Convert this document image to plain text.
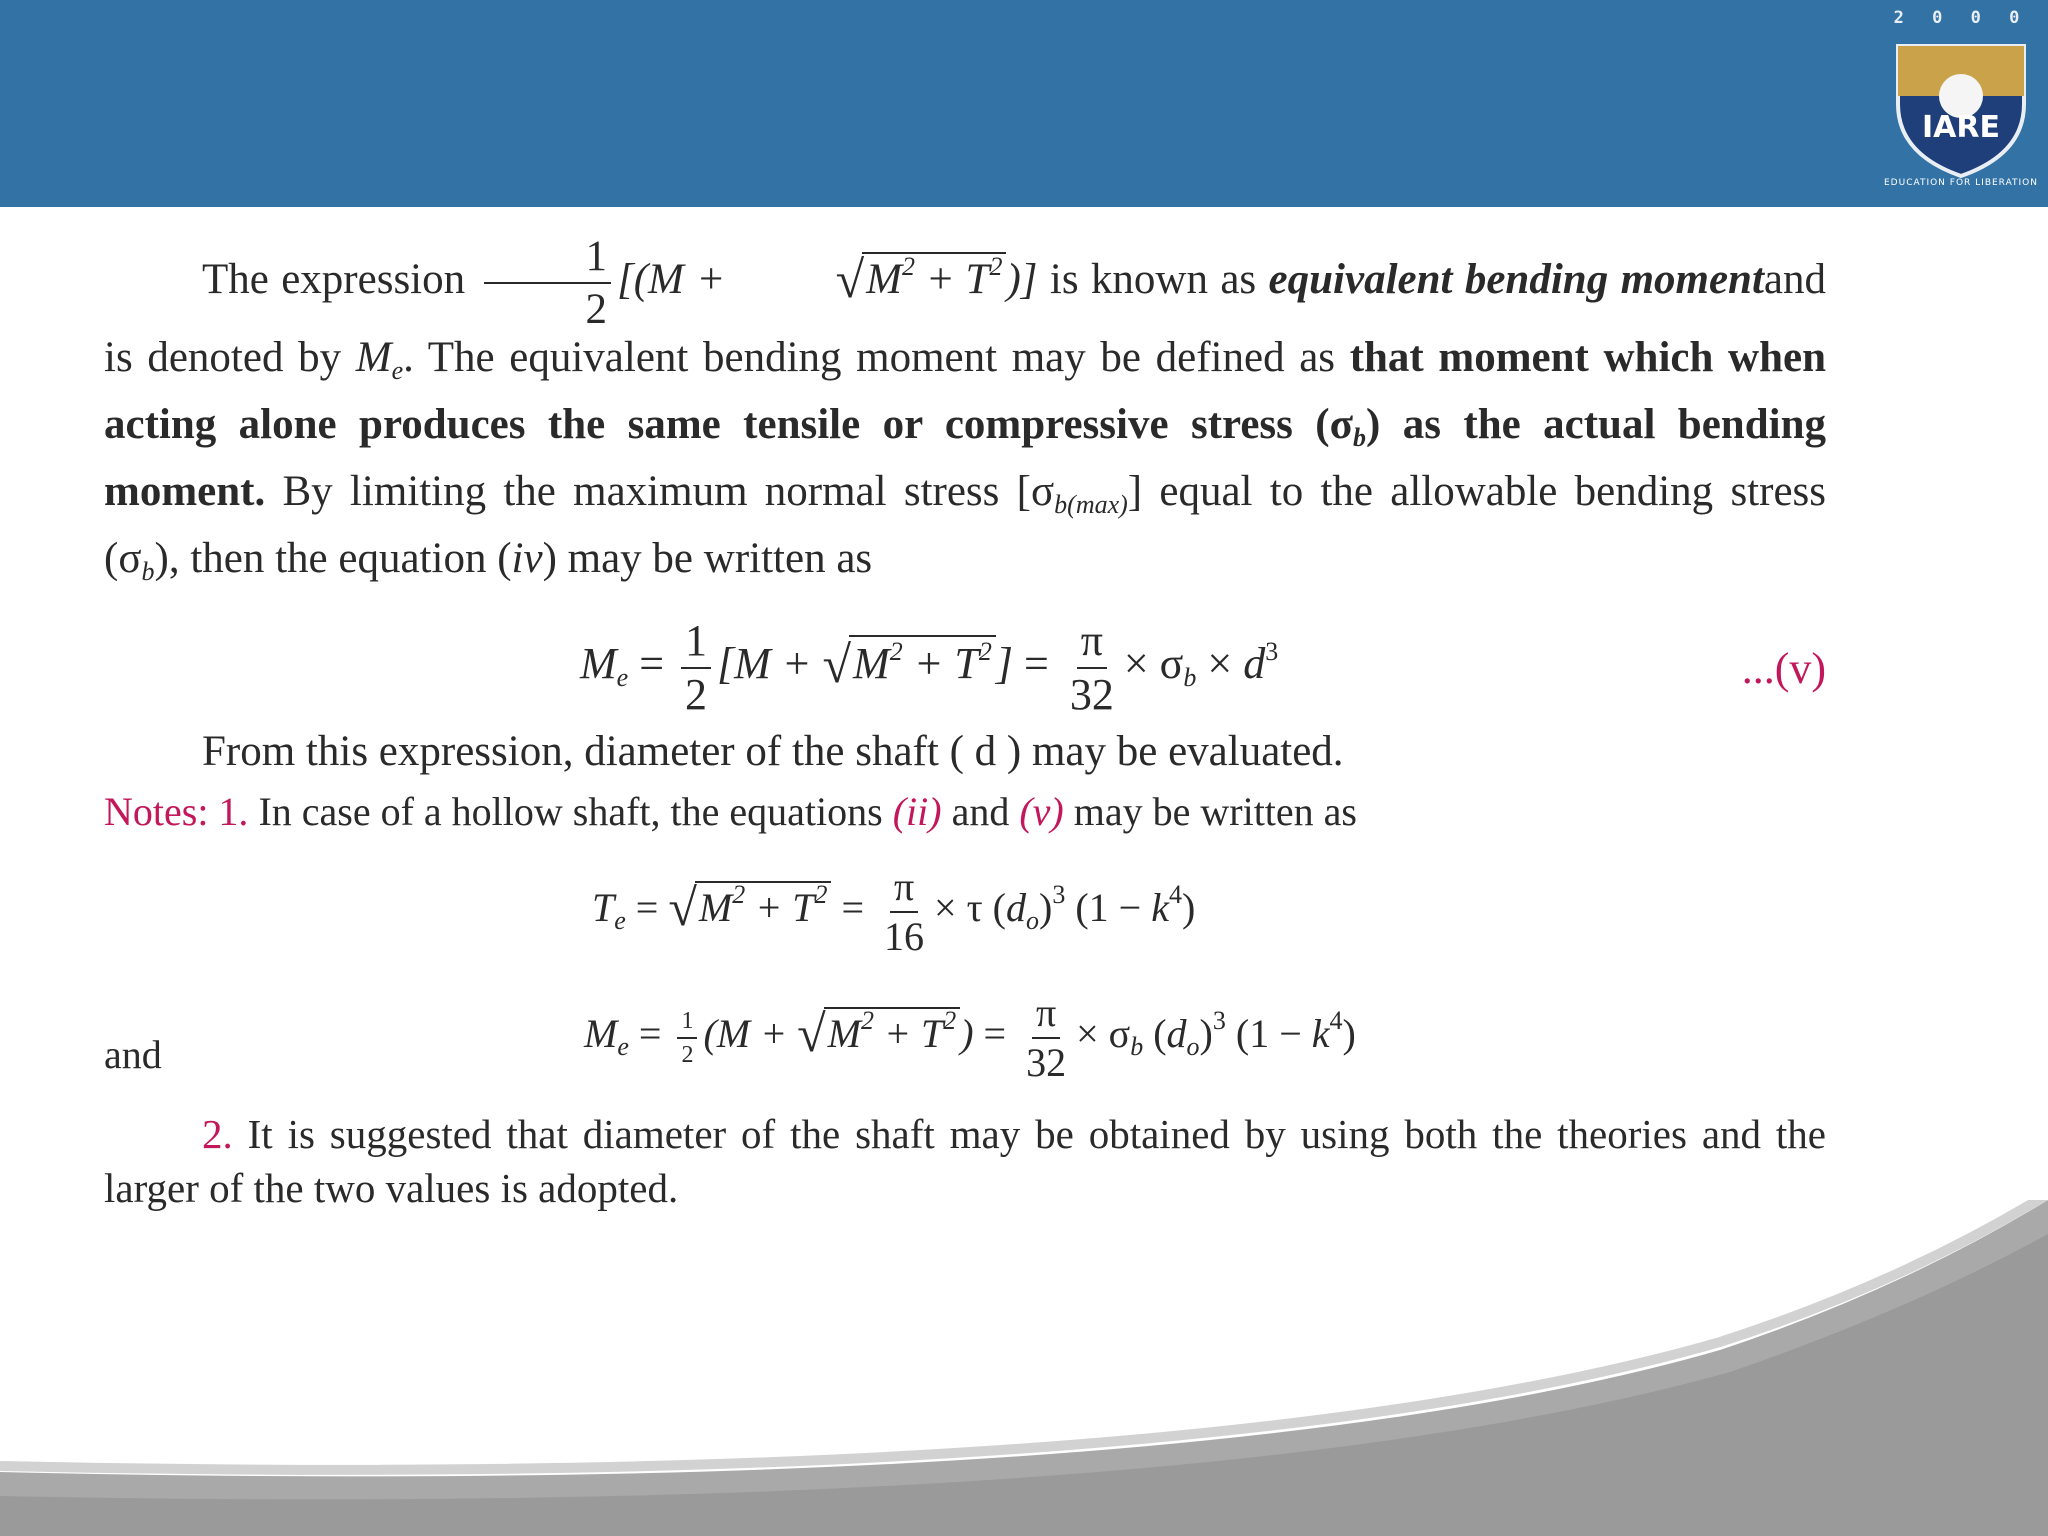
2 0 0 0
IARE
EDUCATION FOR LIBERATION
The expression $\frac{1}{2} [(M + √M^2 + T^2)]$ is known as equivalent bending momentand is denoted by $M_e$. The equivalent bending moment may be defined as that moment which when acting alone produces the same tensile or compressive stress $(\sigma_b)$ as the actual bending moment. By limiting the maximum normal stress $[\sigma_{b(max)}]$ equal to the allowable bending stress $(\sigma_b)$, then the equation (iv) may be written as
$M_e = \frac{1}{2} [M + √M^2 + T^2] = \frac{\pi}{32} \times \sigma_b \times d^3$	...(v)
From this expression, diameter of the shaft ( d ) may be evaluated.
Notes: 1. In case of a hollow shaft, the equations (ii) and (v) may be written as
$T_e = √M^2 + T^2 = \frac{\pi}{16} \times \tau$ $(d_o)^3$ $(1 - k^4)$
and	$M_e = \frac{1}{2} (M + √M^2 + T^2$ ) = $\frac{\pi}{32} \times \sigma_b$ $(d_o)^3$ $(1 - k^4)$
2. It is suggested that diameter of the shaft may be obtained by using both the theories and the larger of the two values is adopted.
